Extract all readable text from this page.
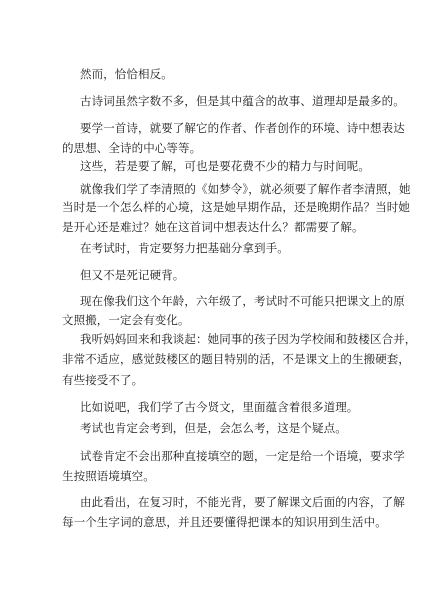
然而，恰恰相反。
古诗词虽然字数不多，但是其中蕴含的故事、道理却是最多的。
要学一首诗，就要了解它的作者、作者创作的环境、诗中想表达
的思想、全诗的中心等等。
这些，若是要了解，可也是要花费不少的精力与时间呢。
就像我们学了李清照的《如梦令》，就必须要了解作者李清照，她
当时是一个怎么样的心境，这是她早期作品，还是晚期作品？当时她
是开心还是难过？她在这首词中想表达什么？都需要了解。
在考试时，肯定要努力把基础分拿到手。
但又不是死记硬背。
现在像我们这个年龄，六年级了，考试时不可能只把课文上的原
文照搬，一定会有变化。
我听妈妈回来和我谈起：她同事的孩子因为学校闹和鼓楼区合并，
非常不适应，感觉鼓楼区的题目特别的活，不是课文上的生搬硬套，
有些接受不了。
比如说吧，我们学了古今贤文，里面蕴含着很多道理。
考试也肯定会考到，但是，会怎么考，这是个疑点。
试卷肯定不会出那种直接填空的题，一定是给一个语境，要求学
生按照语境填空。
由此看出，在复习时，不能光背，要了解课文后面的内容，了解
每一个生字词的意思，并且还要懂得把课本的知识用到生活中。
